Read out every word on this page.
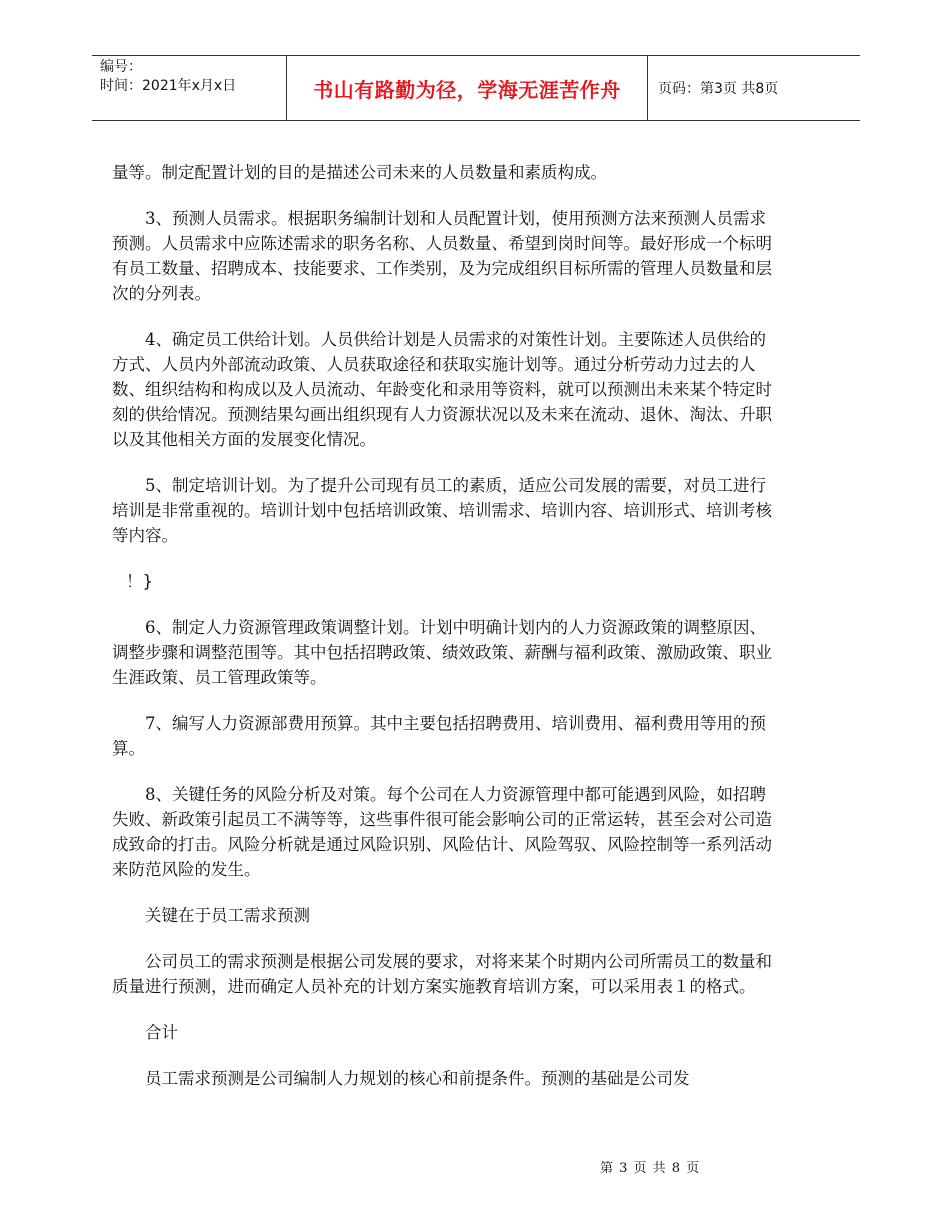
编号：
时间：2021年x月x日	书山有路勤为径，学海无涯苦作舟	页码：第3页 共8页

量等。制定配置计划的目的是描述公司未来的人员数量和素质构成。

3、预测人员需求。根据职务编制计划和人员配置计划，使用预测方法来预测人员需求预测。人员需求中应陈述需求的职务名称、人员数量、希望到岗时间等。最好形成一个标明有员工数量、招聘成本、技能要求、工作类别，及为完成组织目标所需的管理人员数量和层次的分列表。

4、确定员工供给计划。人员供给计划是人员需求的对策性计划。主要陈述人员供给的方式、人员内外部流动政策、人员获取途径和获取实施计划等。通过分析劳动力过去的人数、组织结构和构成以及人员流动、年龄变化和录用等资料，就可以预测出未来某个特定时刻的供给情况。预测结果勾画出组织现有人力资源状况以及未来在流动、退休、淘汰、升职以及其他相关方面的发展变化情况。

5、制定培训计划。为了提升公司现有员工的素质，适应公司发展的需要，对员工进行培训是非常重视的。培训计划中包括培训政策、培训需求、培训内容、培训形式、培训考核等内容。

！}

6、制定人力资源管理政策调整计划。计划中明确计划内的人力资源政策的调整原因、调整步骤和调整范围等。其中包括招聘政策、绩效政策、薪酬与福利政策、激励政策、职业生涯政策、员工管理政策等。

7、编写人力资源部费用预算。其中主要包括招聘费用、培训费用、福利费用等用的预算。

8、关键任务的风险分析及对策。每个公司在人力资源管理中都可能遇到风险，如招聘失败、新政策引起员工不满等等，这些事件很可能会影响公司的正常运转，甚至会对公司造成致命的打击。风险分析就是通过风险识别、风险估计、风险驾驭、风险控制等一系列活动来防范风险的发生。

关键在于员工需求预测

公司员工的需求预测是根据公司发展的要求，对将来某个时期内公司所需员工的数量和质量进行预测，进而确定人员补充的计划方案实施教育培训方案，可以采用表１的格式。

合计

员工需求预测是公司编制人力规划的核心和前提条件。预测的基础是公司发

第 3 页 共 8 页
